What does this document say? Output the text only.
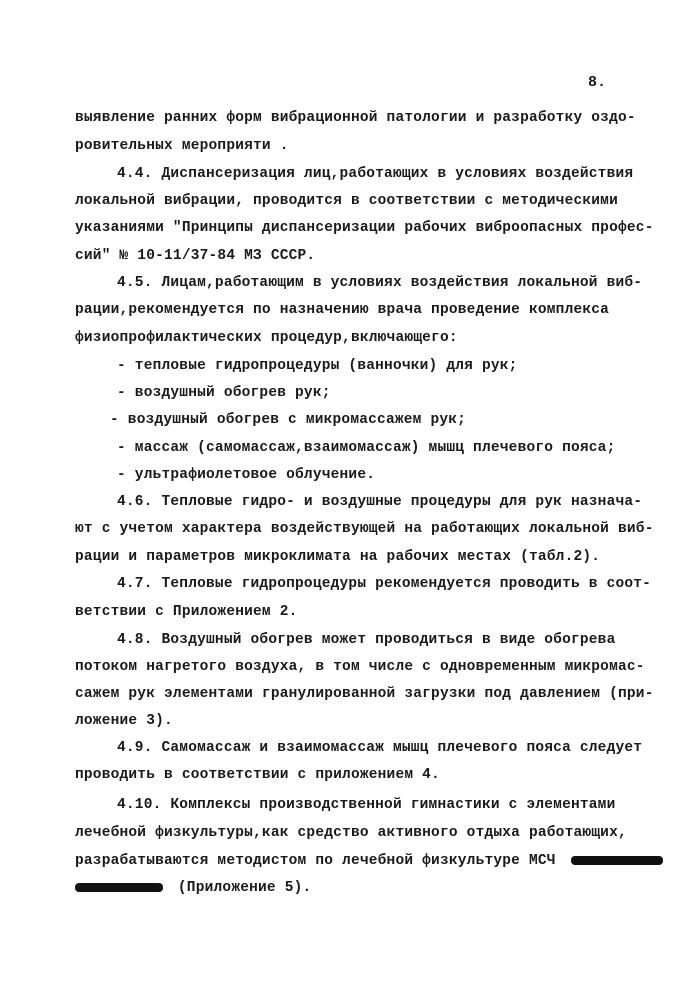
8.
выявление ранних форм вибрационной патологии и разработку оздо-
ровительных мероприяти .
4.4. Диспансеризация лиц,работающих в условиях воздействия
локальной вибрации, проводится в соответствии с методическими
указаниями "Принципы диспансеризации рабочих виброопасных профес-
сий" № 10-11/37-84 МЗ СССР.
4.5. Лицам,работающим в условиях воздействия локальной виб-
рации,рекомендуется по назначению врача проведение комплекса
физиопрофилактических процедур,включающего:
- тепловые гидропроцедуры (ванночки) для рук;
- воздушный обогрев рук;
- воздушный обогрев с микромассажем рук;
- массаж (самомассаж,взаимомассаж) мышц плечевого пояса;
- ультрафиолетовое облучение.
4.6. Тепловые гидро- и воздушные процедуры для рук назнача-
ют с учетом характера воздействующей на работающих локальной виб-
рации и параметров микроклимата на рабочих местах (табл.2).
4.7. Тепловые гидропроцедуры рекомендуется проводить в соот-
ветствии с Приложением 2.
4.8. Воздушный обогрев может проводиться в виде обогрева
потоком нагретого воздуха, в том числе с одновременным микромас-
сажем рук элементами гранулированной загрузки под давлением (при-
ложение 3).
4.9. Самомассаж и взаимомассаж мышц плечевого пояса следует
проводить в соответствии с приложением 4.
4.10. Комплексы производственной гимнастики с элементами
лечебной физкультуры,как средство активного отдыха работающих,
разрабатываются методистом по лечебной физкультуре МСЧ
(Приложение 5).
